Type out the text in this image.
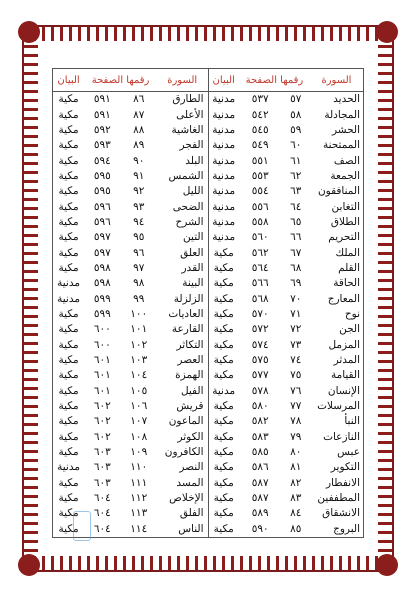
السورة	رقمها الصفحة		البيان
الحديد	٥٧	٥٣٧	مدنية
المجادلة	٥٨	٥٤٢	مدنية
الحشر	٥٩	٥٤٥	مدنية
الممتحنة	٦٠	٥٤٩	مدنية
الصف	٦١	٥٥١	مدنية
الجمعة	٦٢	٥٥٣	مدنية
المنافقون	٦٣	٥٥٤	مدنية
التغابن	٦٤	٥٥٦	مدنية
الطلاق	٦٥	٥٥٨	مدنية
التحريم	٦٦	٥٦٠	مدنية
الملك	٦٧	٥٦٢	مكية
القلم	٦٨	٥٦٤	مكية
الحاقة	٦٩	٥٦٦	مكية
المعارج	٧٠	٥٦٨	مكية
نوح	٧١	٥٧٠	مكية
الجن	٧٢	٥٧٢	مكية
المزمل	٧٣	٥٧٤	مكية
المدثر	٧٤	٥٧٥	مكية
القيامة	٧٥	٥٧٧	مكية
الإنسان	٧٦	٥٧٨	مدنية
المرسلات	٧٧	٥٨٠	مكية
النبأ	٧٨	٥٨٢	مكية
النازعات	٧٩	٥٨٣	مكية
عبس	٨٠	٥٨٥	مكية
التكوير	٨١	٥٨٦	مكية
الانفطار	٨٢	٥٨٧	مكية
المطففين	٨٣	٥٨٧	مكية
الانشقاق	٨٤	٥٨٩	مكية
البروج	٨٥	٥٩٠	مكية
السورة	رقمها الصفحة		البيان
الطارق	٨٦	٥٩١	مكية
الأعلى	٨٧	٥٩١	مكية
الغاشية	٨٨	٥٩٢	مكية
الفجر	٨٩	٥٩٣	مكية
البلد	٩٠	٥٩٤	مكية
الشمس	٩١	٥٩٥	مكية
الليل	٩٢	٥٩٥	مكية
الضحى	٩٣	٥٩٦	مكية
الشرح	٩٤	٥٩٦	مكية
التين	٩٥	٥٩٧	مكية
العلق	٩٦	٥٩٧	مكية
القدر	٩٧	٥٩٨	مكية
البينة	٩٨	٥٩٨	مدنية
الزلزلة	٩٩	٥٩٩	مدنية
العاديات	١٠٠	٥٩٩	مكية
القارعة	١٠١	٦٠٠	مكية
التكاثر	١٠٢	٦٠٠	مكية
العصر	١٠٣	٦٠١	مكية
الهمزة	١٠٤	٦٠١	مكية
الفيل	١٠٥	٦٠١	مكية
قريش	١٠٦	٦٠٢	مكية
الماعون	١٠٧	٦٠٢	مكية
الكوثر	١٠٨	٦٠٢	مكية
الكافرون	١٠٩	٦٠٣	مكية
النصر	١١٠	٦٠٣	مدنية
المسد	١١١	٦٠٣	مكية
الإخلاص	١١٢	٦٠٤	مكية
الفلق	١١٣	٦٠٤	مكية
الناس	١١٤	٦٠٤	مكية
